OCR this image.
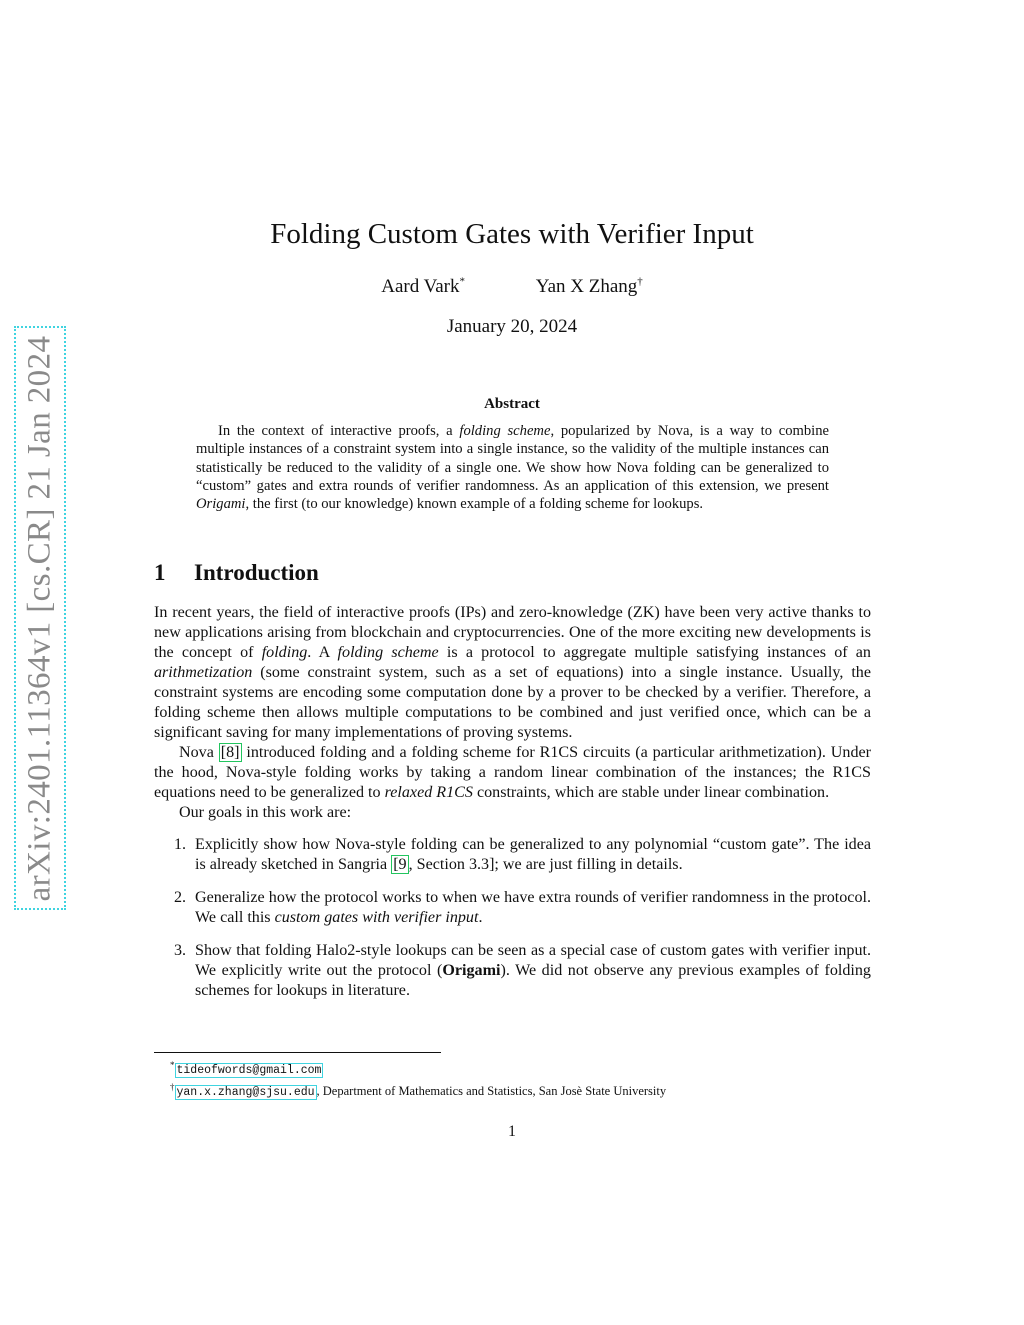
arXiv:2401.11364v1 [cs.CR] 21 Jan 2024
Folding Custom Gates with Verifier Input
Aard Vark*	Yan X Zhang†
January 20, 2024
Abstract
In the context of interactive proofs, a folding scheme, popularized by Nova, is a way to combine multiple instances of a constraint system into a single instance, so the validity of the multiple instances can statistically be reduced to the validity of a single one. We show how Nova folding can be generalized to “custom” gates and extra rounds of verifier randomness. As an application of this extension, we present Origami, the first (to our knowledge) known example of a folding scheme for lookups.
1 Introduction

In recent years, the field of interactive proofs (IPs) and zero-knowledge (ZK) have been very active thanks to new applications arising from blockchain and cryptocurrencies. One of the more exciting new developments is the concept of folding. A folding scheme is a protocol to aggregate multiple satisfying instances of an arithmetization (some constraint system, such as a set of equations) into a single instance. Usually, the constraint systems are encoding some computation done by a prover to be checked by a verifier. Therefore, a folding scheme then allows multiple computations to be combined and just verified once, which can be a significant saving for many implementations of proving systems.

Nova [8] introduced folding and a folding scheme for R1CS circuits (a particular arithmetization). Under the hood, Nova-style folding works by taking a random linear combination of the instances; the R1CS equations need to be generalized to relaxed R1CS constraints, which are stable under linear combination.

Our goals in this work are:

1. Explicitly show how Nova-style folding can be generalized to any polynomial “custom gate”. The idea is already sketched in Sangria [9 , Section 3.3]; we are just filling in details.
2. Generalize how the protocol works to when we have extra rounds of verifier randomness in the protocol. We call this custom gates with verifier input.
3. Show that folding Halo2-style lookups can be seen as a special case of custom gates with verifier input. We explicitly write out the protocol (Origami). We did not observe any previous examples of folding schemes for lookups in literature.
* tideofwords@gmail.com
† yan.x.zhang@sjsu.edu , Department of Mathematics and Statistics, San Josè State University
1
